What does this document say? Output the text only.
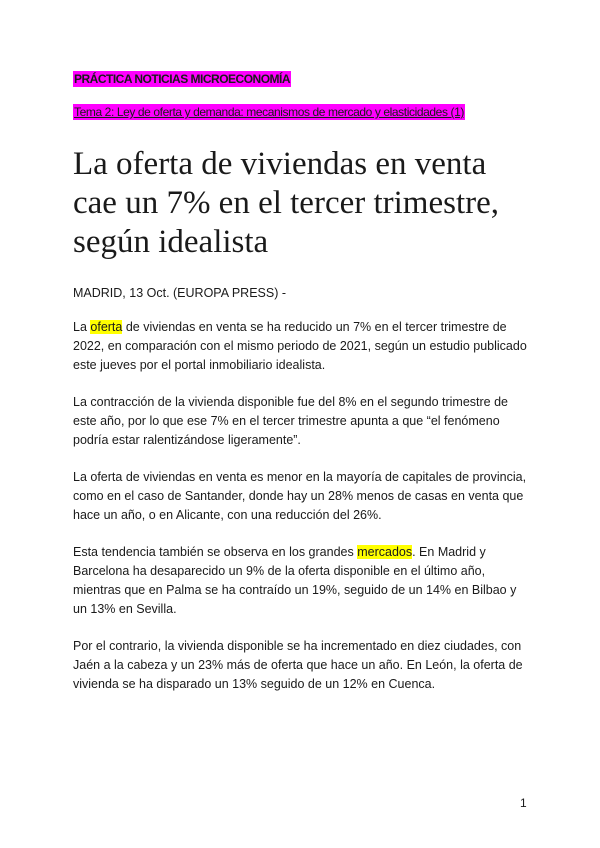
PRÁCTICA NOTICIAS MICROECONOMÍA
Tema 2: Ley de oferta y demanda: mecanismos de mercado y elasticidades (1)
La oferta de viviendas en venta cae un 7% en el tercer trimestre, según idealista
MADRID, 13 Oct. (EUROPA PRESS) -

La oferta de viviendas en venta se ha reducido un 7% en el tercer trimestre de 2022, en comparación con el mismo periodo de 2021, según un estudio publicado este jueves por el portal inmobiliario idealista.

La contracción de la vivienda disponible fue del 8% en el segundo trimestre de este año, por lo que ese 7% en el tercer trimestre apunta a que “el fenómeno podría estar ralentizándose ligeramente”.

La oferta de viviendas en venta es menor en la mayoría de capitales de provincia, como en el caso de Santander, donde hay un 28% menos de casas en venta que hace un año, o en Alicante, con una reducción del 26%.

Esta tendencia también se observa en los grandes mercados. En Madrid y Barcelona ha desaparecido un 9% de la oferta disponible en el último año, mientras que en Palma se ha contraído un 19%, seguido de un 14% en Bilbao y un 13% en Sevilla.

Por el contrario, la vivienda disponible se ha incrementado en diez ciudades, con Jaén a la cabeza y un 23% más de oferta que hace un año. En León, la oferta de vivienda se ha disparado un 13% seguido de un 12% en Cuenca.

1
